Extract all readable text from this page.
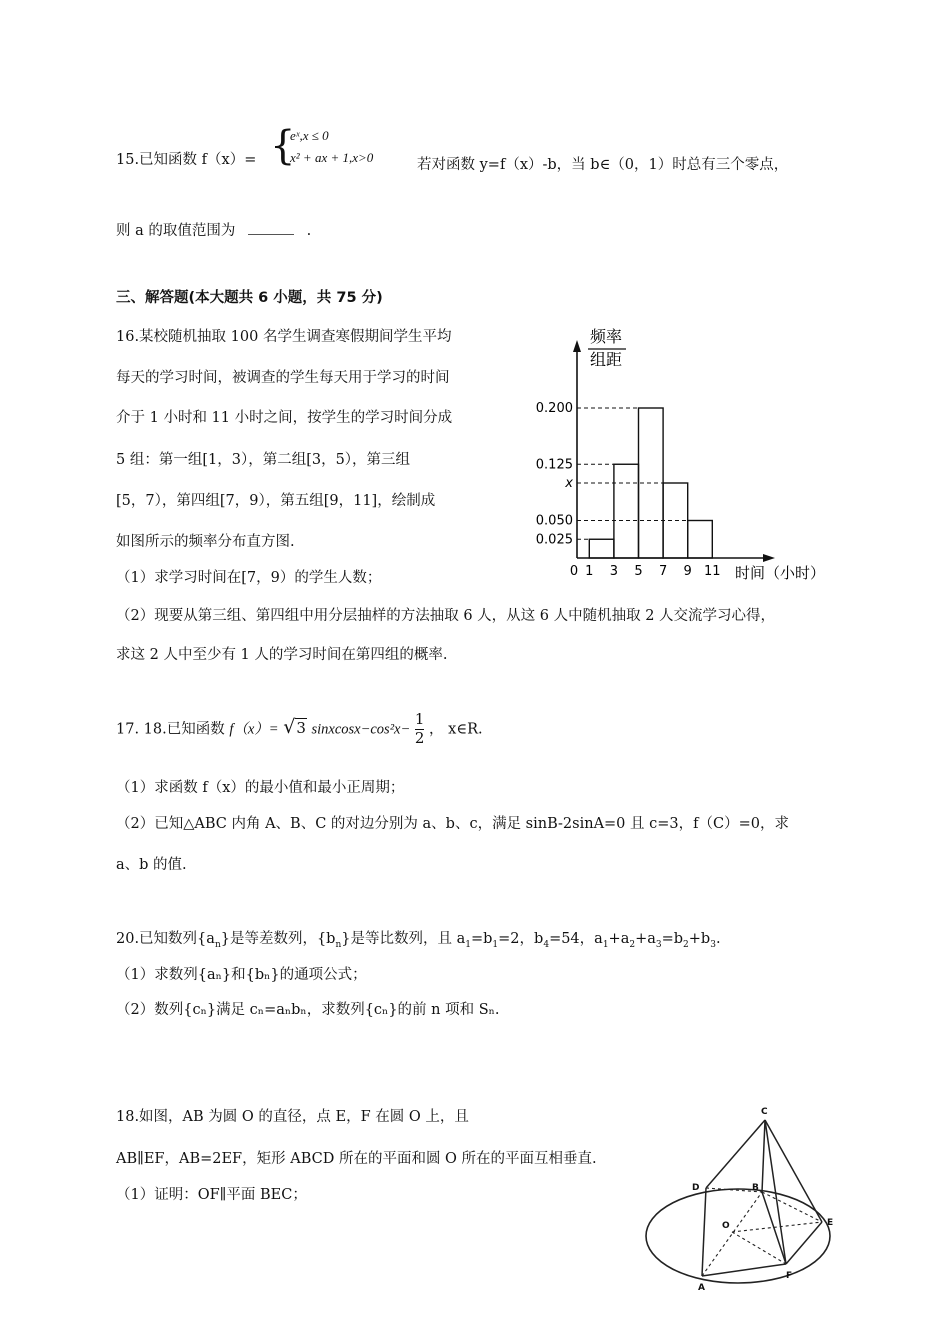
15.已知函数 f（x）= {
eˣ,x ≤ 0
x² + ax + 1,x>0	若对函数 y=f（x）-b，当 b∈（0，1）时总有三个零点，
则 a 的取值范围为	.
三、解答题(本大题共 6 小题，共 75 分)
16.某校随机抽取 100 名学生调查寒假期间学生平均
每天的学习时间，被调查的学生每天用于学习的时间
介于 1 小时和 11 小时之间，按学生的学习时间分成
5 组：第一组[1，3），第二组[3，5），第三组
[5，7），第四组[7，9），第五组[9，11]，绘制成
如图所示的频率分布直方图.
（1）求学习时间在[7，9）的学生人数；
（2）现要从第三组、第四组中用分层抽样的方法抽取 6 人，从这 6 人中随机抽取 2 人交流学习心得，
求这 2 人中至少有 1 人的学习时间在第四组的概率.
频率
组距
0.025
0.050
x
0.125
0.200
0 1 3 5 7 9 11 时间（小时）
17. 18.已知函数 f（x）= √3 sinxcosx−cos²x− $\frac{1}{2}$ ， x∈R.
（1）求函数 f（x）的最小值和最小正周期；
（2）已知△ABC 内角 A、B、C 的对边分别为 a、b、c，满足 sinB-2sinA=0 且 c=3，f（C）=0，求
a、b 的值.
20.已知数列$\{a_n\}$是等差数列，$\{b_n\}$是等比数列，且 $a_1=b_1=2$，$b_4=54$，$a_1+a_2+a_3=b_2+b_3$.
（1）求数列{aₙ}和{bₙ}的通项公式；
（2）数列{cₙ}满足 cₙ=aₙbₙ，求数列{cₙ}的前 n 项和 Sₙ.
18.如图，AB 为圆 O 的直径，点 E，F 在圆 O 上，且
AB∥EF，AB=2EF，矩形 ABCD 所在的平面和圆 O 所在的平面互相垂直.
（1）证明：OF∥平面 BEC；
C
D	B
E
O
A
F
